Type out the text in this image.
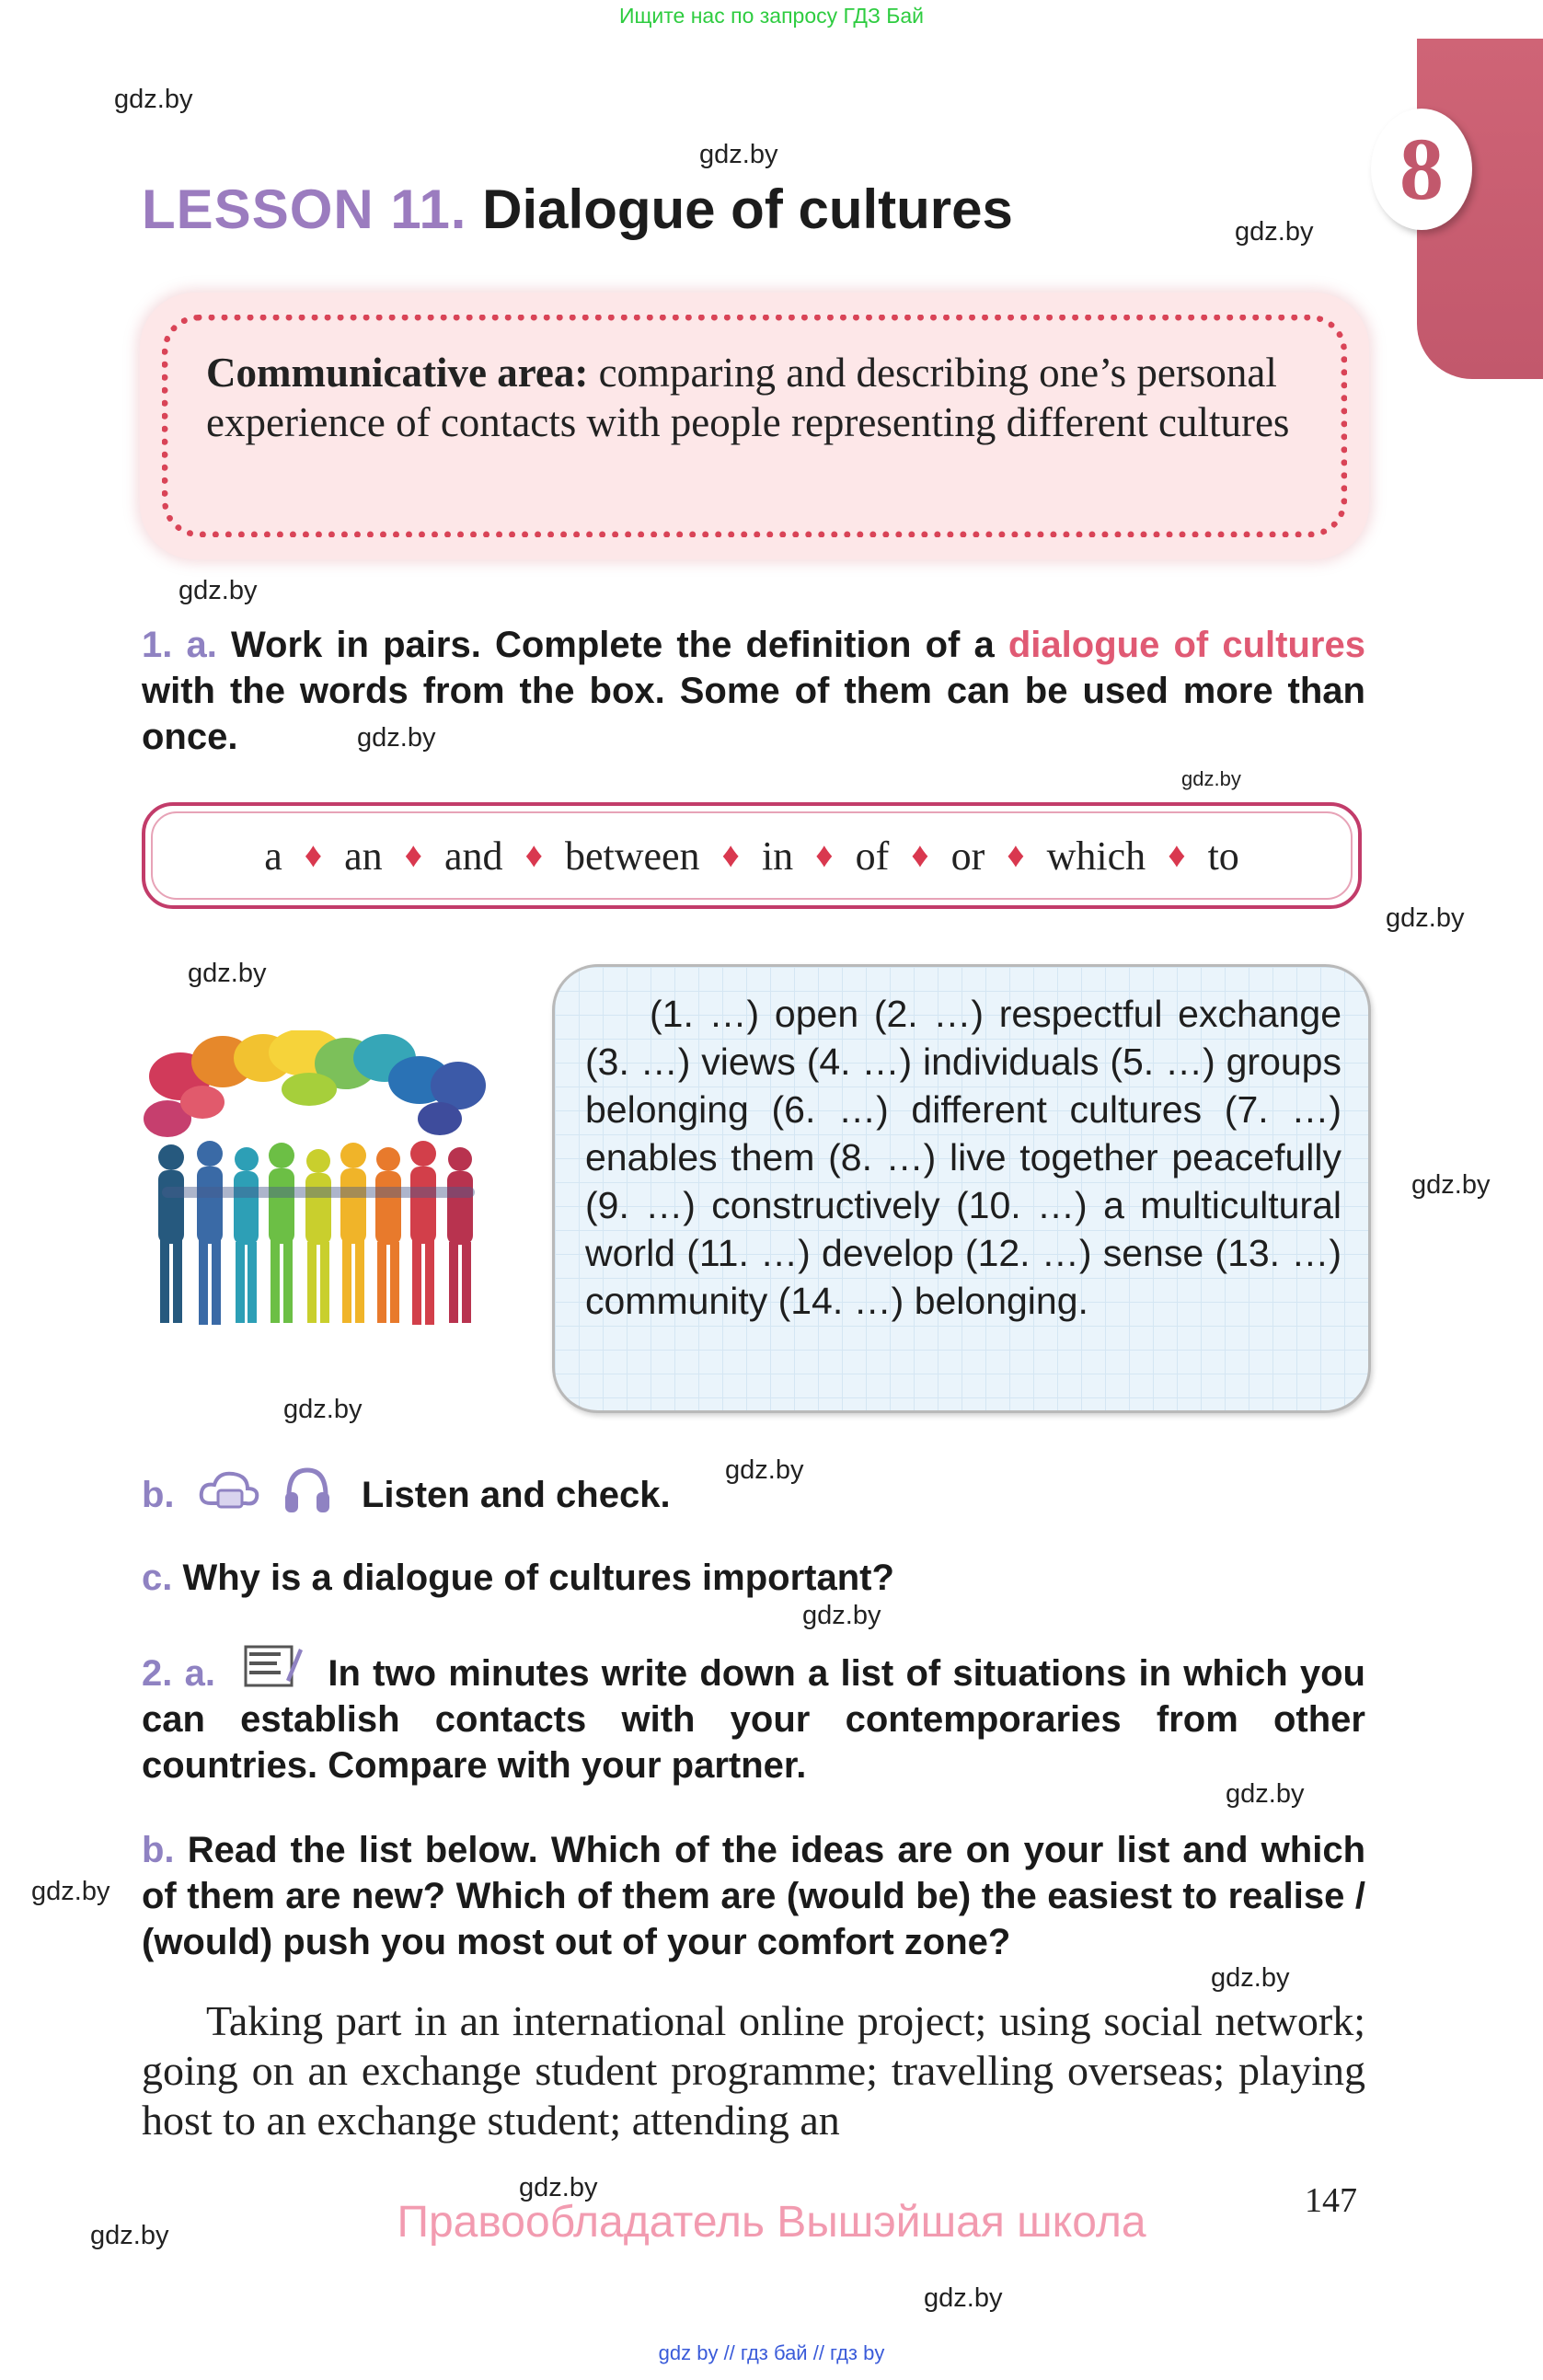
Ищите нас по запросу ГДЗ Бай
8
gdz.by
gdz.by
gdz.by
gdz.by
gdz.by
gdz.by
gdz.by
gdz.by
gdz.by
gdz.by
gdz.by
gdz.by
gdz.by
gdz.by
gdz.by
gdz.by
gdz.by
gdz.by
LESSON 11. Dialogue of cultures
Communicative area: comparing and describing one’s personal experience of contacts with people representing different cultures
1. a. Work in pairs. Complete the definition of a dialogue of cultures with the words from the box. Some of them can be used more than once.
a ♦ an ♦ and ♦ between ♦ in ♦ of ♦ or ♦ which ♦ to
(1. …) open (2. …) respectful exchange (3. …) views (4. …) individuals (5. …) groups belonging (6. …) different cultures (7. …) enables them (8. …) live together peacefully (9. …) constructively (10. …) a multicultural world (11. …) develop (12. …) sense (13. …) community (14. …) belonging.
b.	Listen and check.
c. Why is a dialogue of cultures important?
2. a.	In two minutes write down a list of situations in which you can establish contacts with your contemporaries from other countries. Compare with your partner.
b. Read the list below. Which of the ideas are on your list and which of them are new? Which of them are (would be) the easiest to realise / (would) push you most out of your comfort zone?
Taking part in an international online project; using social network; going on an exchange student programme; travelling overseas; playing host to an exchange student; attending an
147
Правообладатель Вышэйшая школа
gdz by // гдз бай // гдз by
